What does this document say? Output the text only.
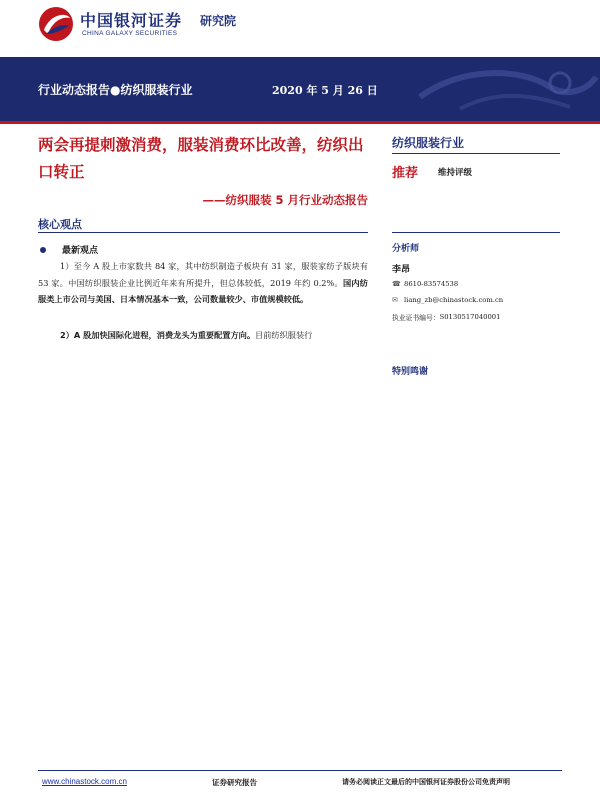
中国银河证券
CHINA GALAXY SECURITIES
研究院
行业动态报告●纺织服装行业	2020 年 5 月 26 日
两会再提刺激消费，服装消费环比改善，纺织出口转正
——纺织服装 5 月行业动态报告
核心观点
最新观点
1）至今 A 股上市家数共 84 家，其中纺织制造子板块有 31 家，服装家纺子版块有 53 家。中国纺织服装企业比例近年来有所提升，但总体较低，2019 年约 0.2%。国内纺服类上市公司与美国、日本情况基本一致，公司数量较少、市值规模较低。
2）A 股加快国际化进程，消费龙头为重要配置方向。目前纺织服装行
纺织服装行业
推荐 维持评级
分析师
李昂
☎ 8610-83574538
✉ liang_zb@chinastock.com.cn
执业证书编号： S0130517040001
特别鸣谢
www.chinastock.com.cn	证券研究报告	请务必阅读正文最后的中国银河证券股份公司免责声明
